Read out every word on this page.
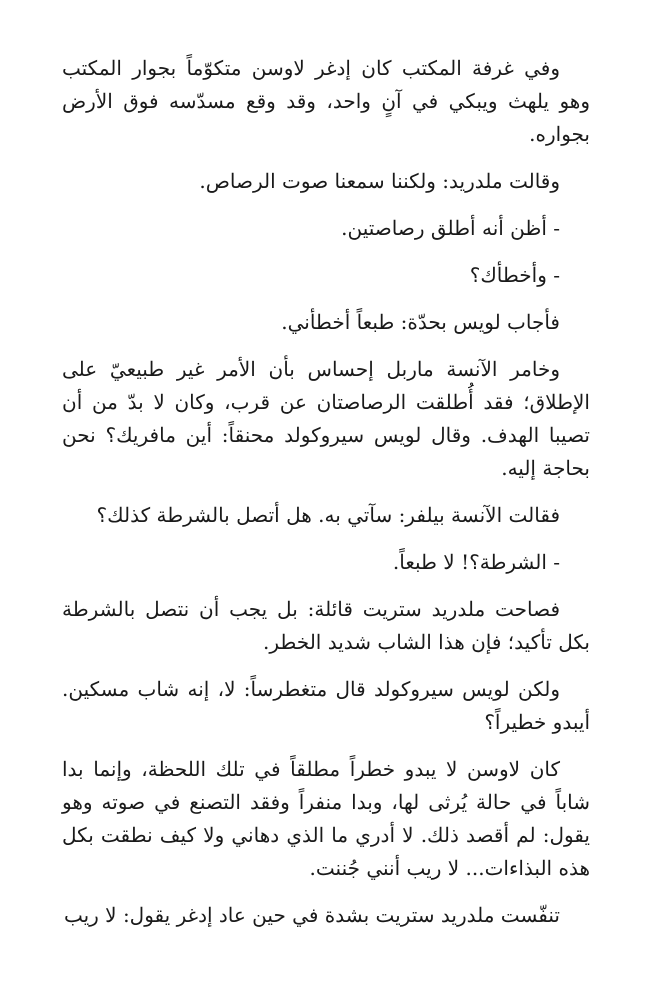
وفي غرفة المكتب كان إدغر لاوسن متكوّماً بجوار المكتب وهو يلهث ويبكي في آنٍ واحد، وقد وقع مسدّسه فوق الأرض بجواره.

وقالت ملدريد: ولكننا سمعنا صوت الرصاص.

- أظن أنه أطلق رصاصتين.

- وأخطأك؟

فأجاب لويس بحدّة: طبعاً أخطأني.

وخامر الآنسة ماربل إحساس بأن الأمر غير طبيعيّ على الإطلاق؛ فقد أُطلقت الرصاصتان عن قرب، وكان لا بدّ من أن تصيبا الهدف. وقال لويس سيروكولد محنقاً: أين مافريك؟ نحن بحاجة إليه.

فقالت الآنسة بيلفر: سآتي به. هل أتصل بالشرطة كذلك؟

- الشرطة؟! لا طبعاً.

فصاحت ملدريد ستريت قائلة: بل يجب أن نتصل بالشرطة بكل تأكيد؛ فإن هذا الشاب شديد الخطر.

ولكن لويس سيروكولد قال متغطرساً: لا، إنه شاب مسكين. أيبدو خطيراً؟

كان لاوسن لا يبدو خطراً مطلقاً في تلك اللحظة، وإنما بدا شاباً في حالة يُرثى لها، وبدا منفراً وفقد التصنع في صوته وهو يقول: لم أقصد ذلك. لا أدري ما الذي دهاني ولا كيف نطقت بكل هذه البذاءات... لا ريب أنني جُننت.

تنفّست ملدريد ستريت بشدة في حين عاد إدغر يقول: لا ريب
